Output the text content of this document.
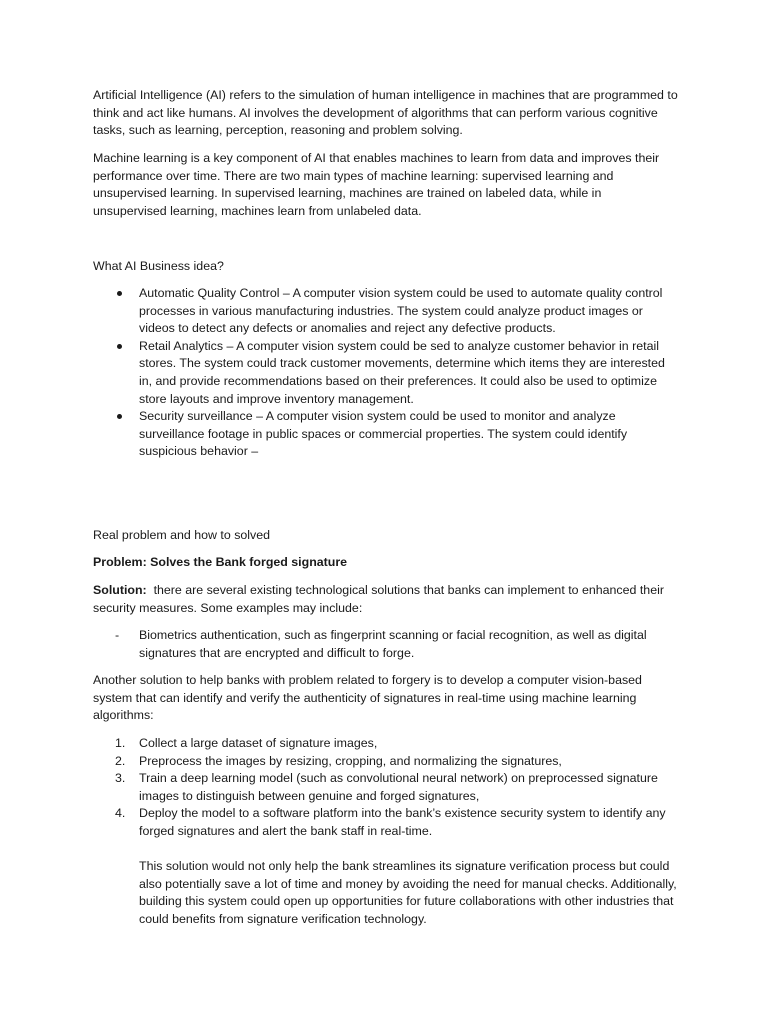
Artificial Intelligence (AI) refers to the simulation of human intelligence in machines that are programmed to think and act like humans. AI involves the development of algorithms that can perform various cognitive tasks, such as learning, perception, reasoning and problem solving.

Machine learning is a key component of AI that enables machines to learn from data and improves their performance over time. There are two main types of machine learning: supervised learning and unsupervised learning. In supervised learning, machines are trained on labeled data, while in unsupervised learning, machines learn from unlabeled data.

What AI Business idea?

Automatic Quality Control – A computer vision system could be used to automate quality control processes in various manufacturing industries. The system could analyze product images or videos to detect any defects or anomalies and reject any defective products.
Retail Analytics – A computer vision system could be sed to analyze customer behavior in retail stores. The system could track customer movements, determine which items they are interested in, and provide recommendations based on their preferences. It could also be used to optimize store layouts and improve inventory management.
Security surveillance – A computer vision system could be used to monitor and analyze surveillance footage in public spaces or commercial properties. The system could identify suspicious behavior –

Real problem and how to solved

Problem: Solves the Bank forged signature

Solution: there are several existing technological solutions that banks can implement to enhanced their security measures. Some examples may include:

- Biometrics authentication, such as fingerprint scanning or facial recognition, as well as digital signatures that are encrypted and difficult to forge.

Another solution to help banks with problem related to forgery is to develop a computer vision-based system that can identify and verify the authenticity of signatures in real-time using machine learning algorithms:

1. Collect a large dataset of signature images,
2. Preprocess the images by resizing, cropping, and normalizing the signatures,
3. Train a deep learning model (such as convolutional neural network) on preprocessed signature images to distinguish between genuine and forged signatures,
4. Deploy the model to a software platform into the bank’s existence security system to identify any forged signatures and alert the bank staff in real-time.

This solution would not only help the bank streamlines its signature verification process but could also potentially save a lot of time and money by avoiding the need for manual checks. Additionally, building this system could open up opportunities for future collaborations with other industries that could benefits from signature verification technology.
